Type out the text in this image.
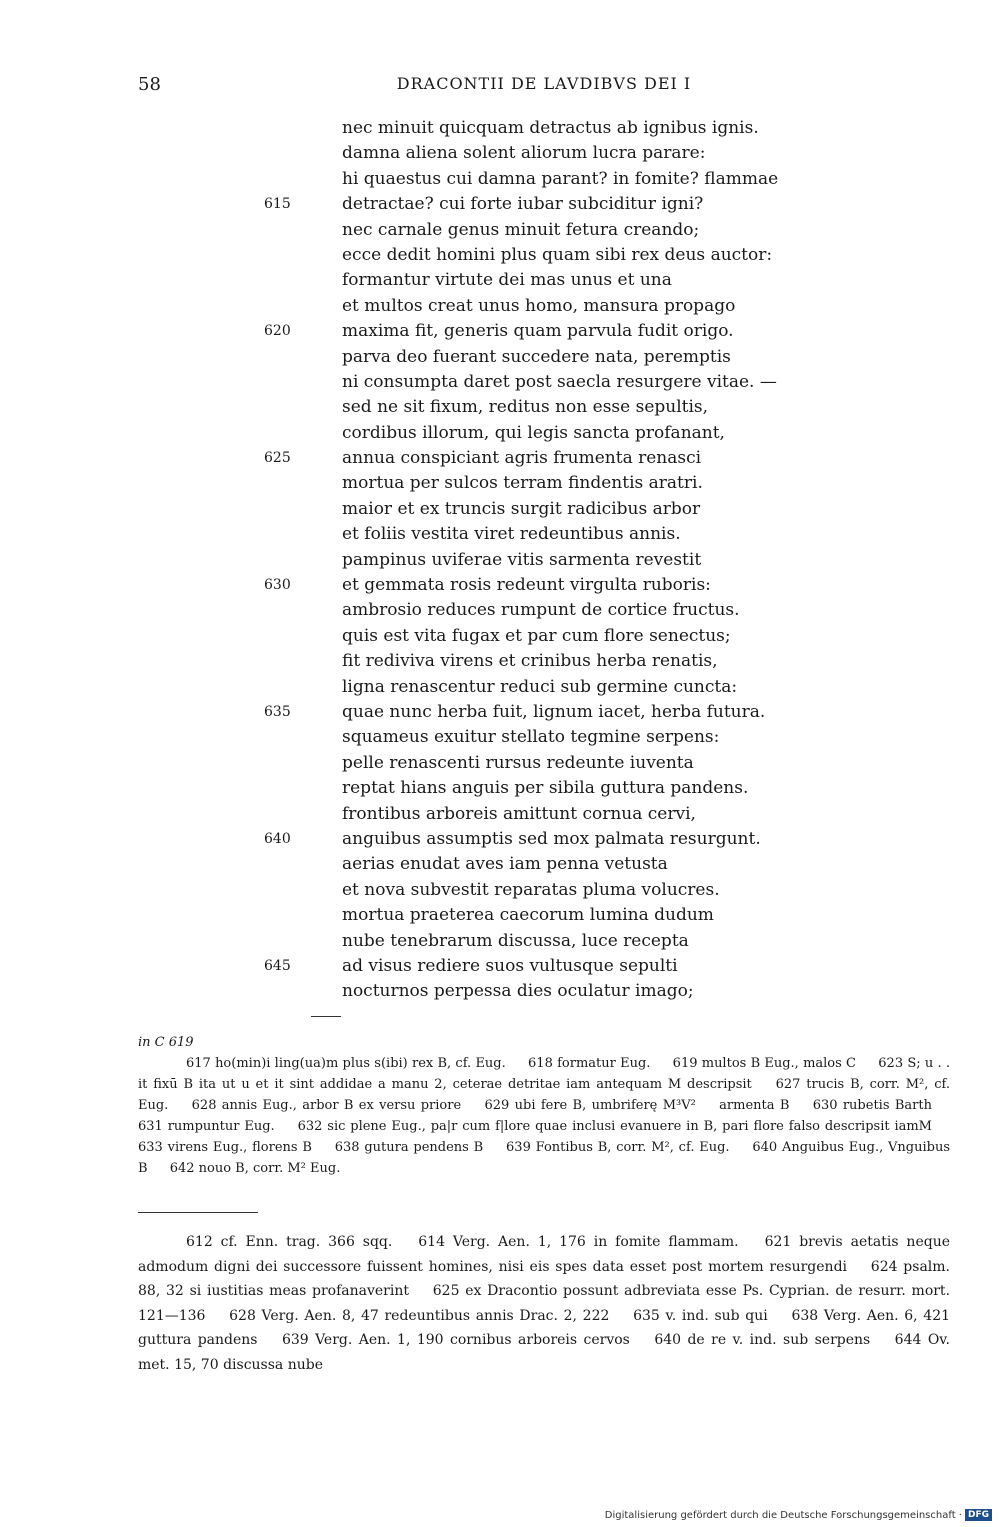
58	DRACONTII DE LAVDIBVS DEI I
nec minuit quicquam detractus ab ignibus ignis.
damna aliena solent aliorum lucra parare:
hi quaestus cui damna parant? in fomite? flammae
615	detractae? cui forte iubar subciditur igni?
nec carnale genus minuit fetura creando;
ecce dedit homini plus quam sibi rex deus auctor:
formantur virtute dei mas unus et una
et multos creat unus homo, mansura propago
620	maxima fit, generis quam parvula fudit origo.
parva deo fuerant succedere nata, peremptis
ni consumpta daret post saecla resurgere vitae. —
sed ne sit fixum, reditus non esse sepultis,
cordibus illorum, qui legis sancta profanant,
625	annua conspiciant agris frumenta renasci
mortua per sulcos terram findentis aratri.
maior et ex truncis surgit radicibus arbor
et foliis vestita viret redeuntibus annis.
pampinus uviferae vitis sarmenta revestit
630	et gemmata rosis redeunt virgulta ruboris:
ambrosio reduces rumpunt de cortice fructus.
quis est vita fugax et par cum flore senectus;
fit rediviva virens et crinibus herba renatis,
ligna renascentur reduci sub germine cuncta:
635	quae nunc herba fuit, lignum iacet, herba futura.
squameus exuitur stellato tegmine serpens:
pelle renascenti rursus redeunte iuventa
reptat hians anguis per sibila guttura pandens.
frontibus arboreis amittunt cornua cervi,
640	anguibus assumptis sed mox palmata resurgunt.
aerias enudat aves iam penna vetusta
et nova subvestit reparatas pluma volucres.
mortua praeterea caecorum lumina dudum
nube tenebrarum discussa, luce recepta
645	ad visus rediere suos vultusque sepulti
nocturnos perpessa dies oculatur imago;
in C 619
617 ho(min)i ling(ua)m plus s(ibi) rex B, cf. Eug. 618 formatur Eug. 619 multos B Eug., malos C 623 S; u . . it fixū B ita ut u et it sint addidae a manu 2, ceterae detritae iam antequam M descripsit 627 trucis B, corr. M², cf. Eug. 628 annis Eug., arbor B ex versu priore 629 ubi fere B, umbriferę M³V² armenta B 630 rubetis Barth 631 rumpuntur Eug. 632 sic plene Eug., pa|r cum f|lore quae inclusi evanuere in B, pari flore falso descripsit iamM 633 virens Eug., florens B 638 gutura pendens B 639 Fontibus B, corr. M², cf. Eug. 640 Anguibus Eug., Vnguibus B 642 nouo B, corr. M² Eug.
612 cf. Enn. trag. 366 sqq. 614 Verg. Aen. 1, 176 in fomite flammam. 621 brevis aetatis neque admodum digni dei successore fuissent homines, nisi eis spes data esset post mortem resurgendi 624 psalm. 88, 32 si iustitias meas profanaverint 625 ex Dracontio possunt adbreviata esse Ps. Cyprian. de resurr. mort. 121—136 628 Verg. Aen. 8, 47 redeuntibus annis Drac. 2, 222 635 v. ind. sub qui 638 Verg. Aen. 6, 421 guttura pandens 639 Verg. Aen. 1, 190 cornibus arboreis cervos 640 de re v. ind. sub serpens 644 Ov. met. 15, 70 discussa nube
Digitalisierung gefördert durch die Deutsche Forschungsgemeinschaft · DFG
